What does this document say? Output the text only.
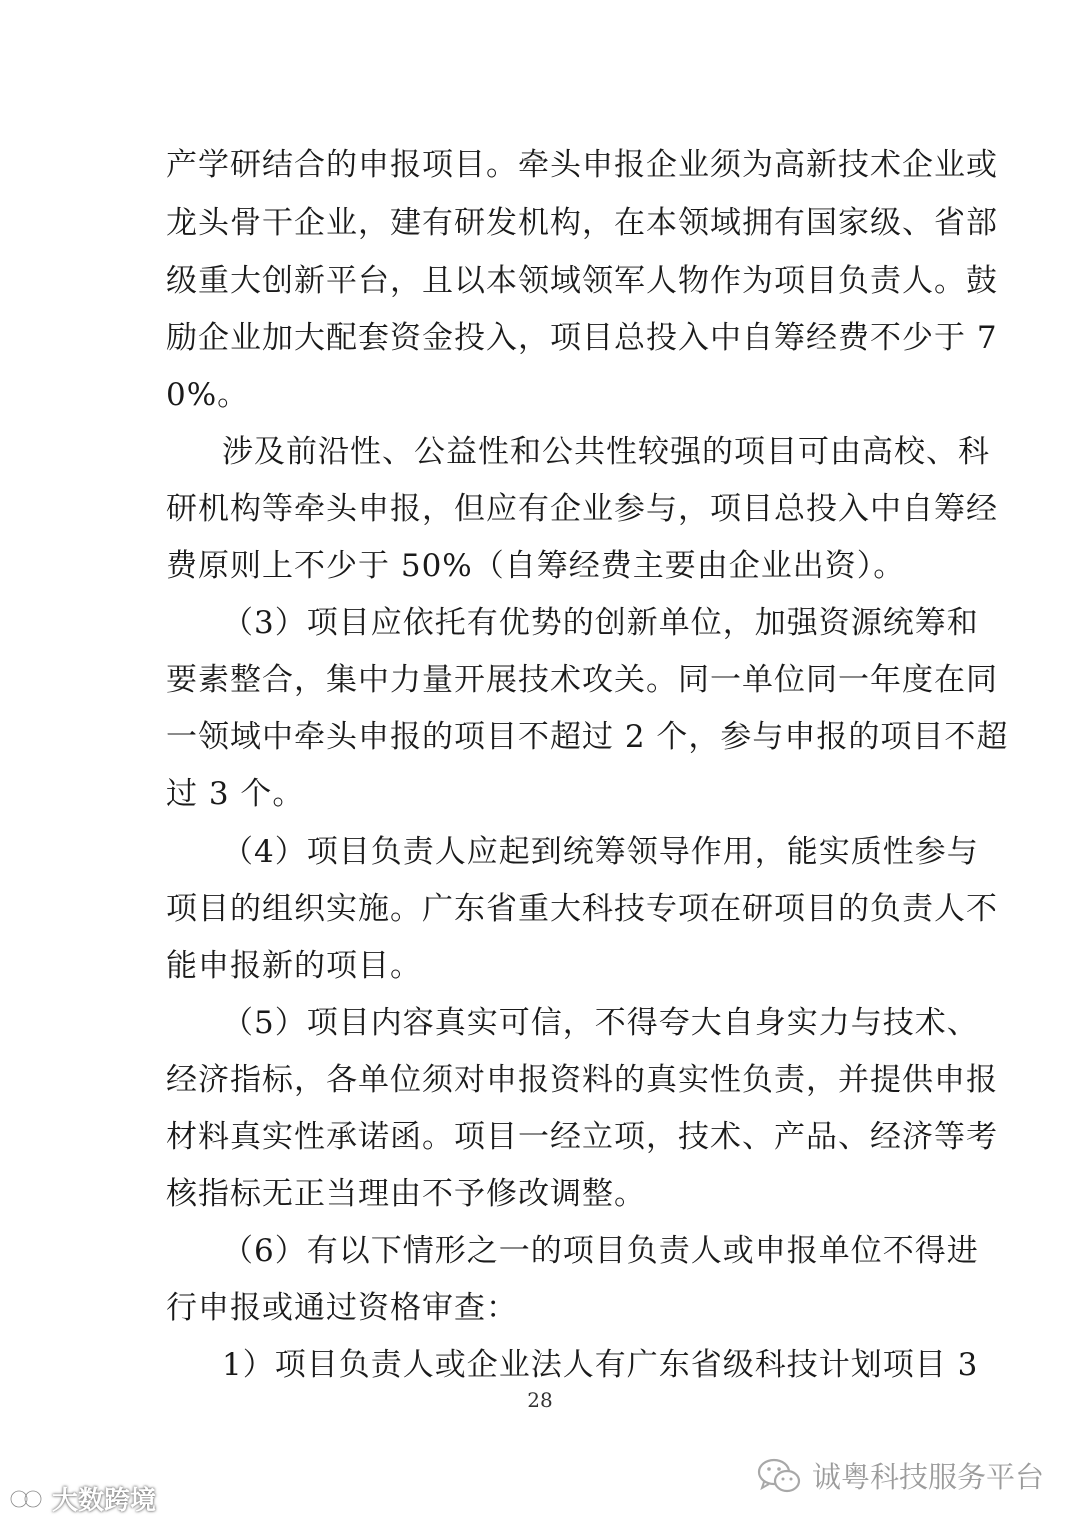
产学研结合的申报项目。牵头申报企业须为高新技术企业或
龙头骨干企业，建有研发机构，在本领域拥有国家级、省部
级重大创新平台，且以本领域领军人物作为项目负责人。鼓
励企业加大配套资金投入，项目总投入中自筹经费不少于 7
0%。
涉及前沿性、公益性和公共性较强的项目可由高校、科
研机构等牵头申报，但应有企业参与，项目总投入中自筹经
费原则上不少于 50%（自筹经费主要由企业出资）。
（3）项目应依托有优势的创新单位，加强资源统筹和
要素整合，集中力量开展技术攻关。同一单位同一年度在同
一领域中牵头申报的项目不超过 2 个，参与申报的项目不超
过 3 个。
（4）项目负责人应起到统筹领导作用，能实质性参与
项目的组织实施。广东省重大科技专项在研项目的负责人不
能申报新的项目。
（5）项目内容真实可信，不得夸大自身实力与技术、
经济指标，各单位须对申报资料的真实性负责，并提供申报
材料真实性承诺函。项目一经立项，技术、产品、经济等考
核指标无正当理由不予修改调整。
（6）有以下情形之一的项目负责人或申报单位不得进
行申报或通过资格审查：
1）项目负责人或企业法人有广东省级科技计划项目 3
28
诚粤科技服务平台
大数跨境
